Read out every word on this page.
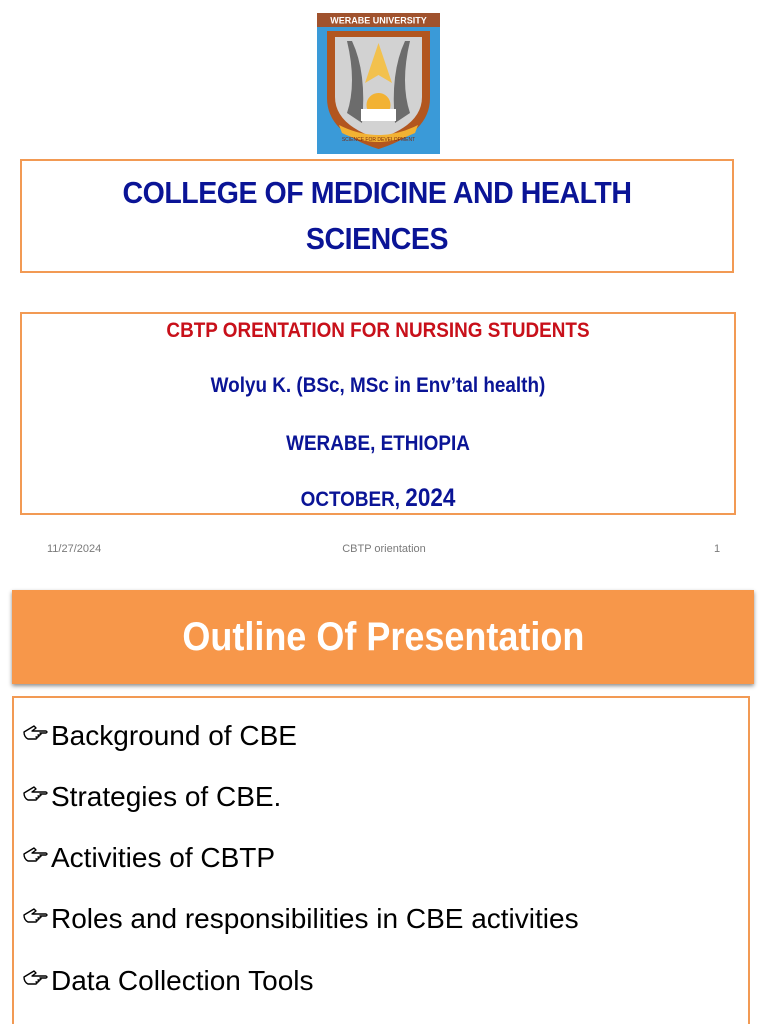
WERABE UNIVERSITY
SCIENCE FOR DEVELOPMENT
COLLEGE OF MEDICINE AND HEALTH SCIENCES
CBTP ORENTATION FOR NURSING STUDENTS
Wolyu K. (BSc, MSc in Env’tal health)
WERABE, ETHIOPIA
OCTOBER, 2024
11/27/2024	CBTP orientation	1
Outline Of Presentation
Background of CBE
Strategies of CBE.
Activities of CBTP
Roles and responsibilities in CBE activities
Data Collection Tools
